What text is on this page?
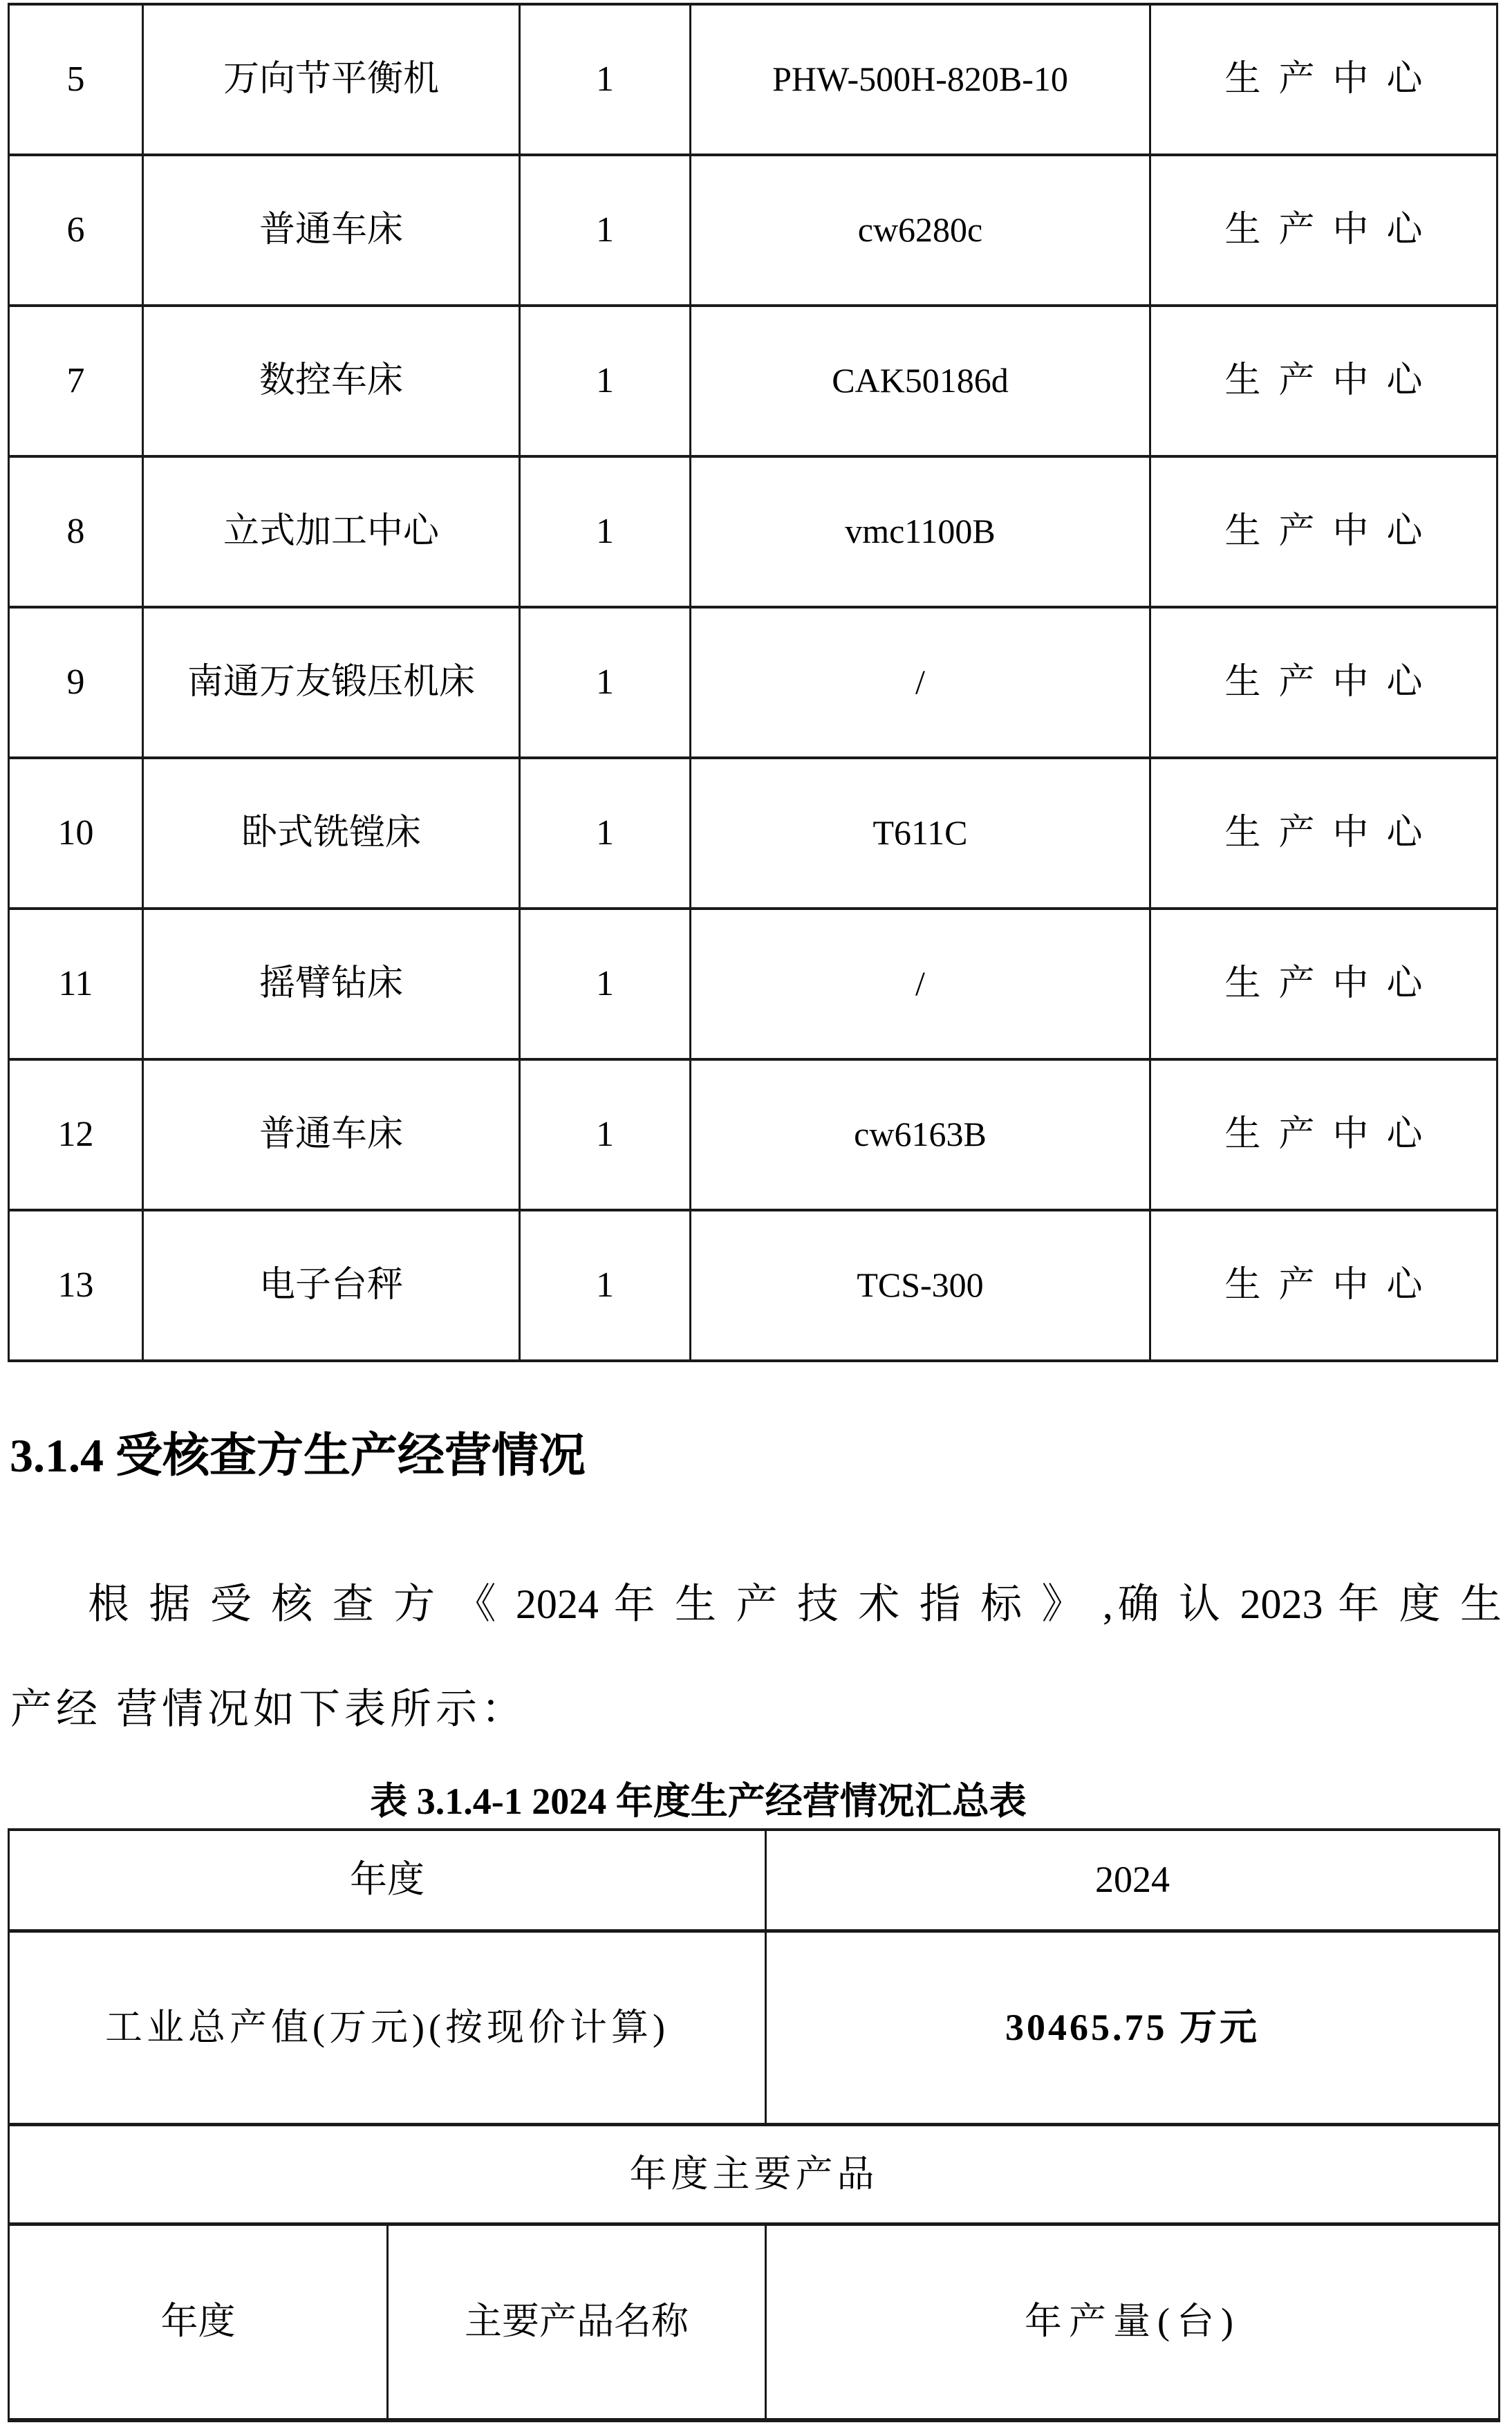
5	万向节平衡机	1	PHW-500H-820B-10	生产中心
6	普通车床	1	cw6280c	生产中心
7	数控车床	1	CAK50186d	生产中心
8	立式加工中心	1	vmc1100B	生产中心
9	南通万友锻压机床	1	/	生产中心
10	卧式铣镗床	1	T611C	生产中心
11	摇臂钻床	1	/	生产中心
12	普通车床	1	cw6163B	生产中心
13	电子台秤	1	TCS-300	生产中心
3.1.4 受核查方生产经营情况
根 据 受 核 查 方 《 2024 年 生 产 技 术 指 标 》 ,确 认 2023 年 度 生
产经 营情况如下表所示：
表 3.1.4-1 2024 年度生产经营情况汇总表
年度		2024
工业总产值(万元)(按现价计算)		30465.75 万元
年度主要产品		
年度	主要产品名称	年产量(台)
